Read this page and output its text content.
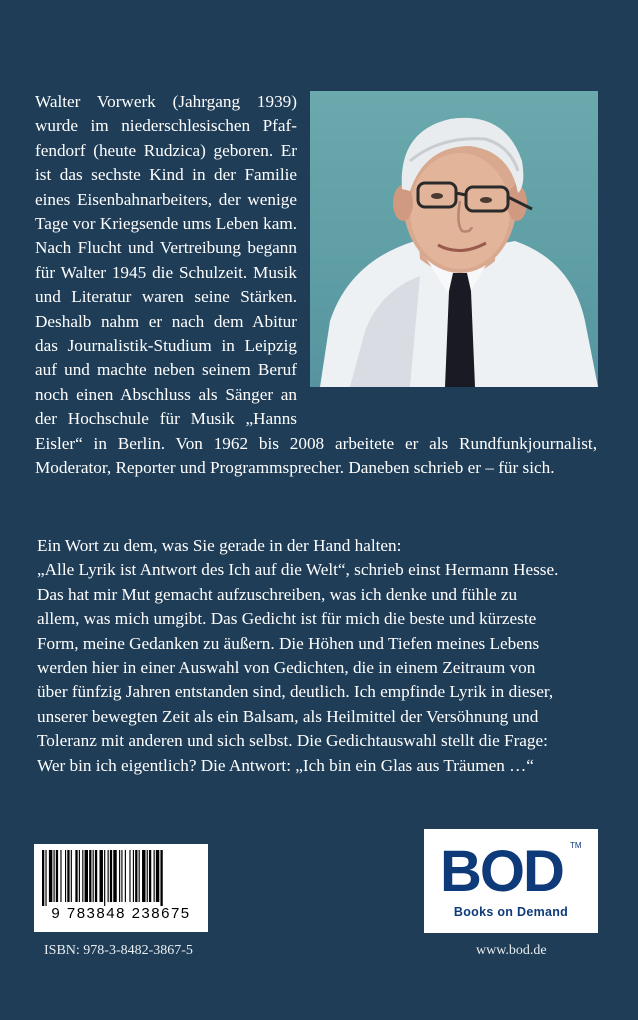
Walter Vorwerk (Jahrgang 1939) wurde im niederschlesischen Pfaffendorf (heute Rudzica) geboren. Er ist das sechste Kind in der Familie eines Eisenbahnarbeiters, der wenige Tage vor Kriegsende ums Leben kam. Nach Flucht und Vertreibung begann für Walter 1945 die Schulzeit. Musik und Literatur waren seine Stärken. Deshalb nahm er nach dem Abitur das Journalistik-Studium in Leipzig auf und machte neben seinem Beruf noch einen Abschluss als Sänger an der Hochschule für Musik „Hanns Eisler“ in Berlin. Von 1962 bis 2008 arbeitete er als Rundfunkjournalist, Moderator, Reporter und Programmsprecher. Daneben schrieb er – für sich.

Ein Wort zu dem, was Sie gerade in der Hand halten:

„Alle Lyrik ist Antwort des Ich auf die Welt“, schrieb einst Hermann Hesse.

Das hat mir Mut gemacht aufzuschreiben, was ich denke und fühle zu

allem, was mich umgibt. Das Gedicht ist für mich die beste und kürzeste

Form, meine Gedanken zu äußern. Die Höhen und Tiefen meines Lebens

werden hier in einer Auswahl von Gedichten, die in einem Zeitraum von

über fünfzig Jahren entstanden sind, deutlich. Ich empfinde Lyrik in dieser,

unserer bewegten Zeit als ein Balsam, als Heilmittel der Versöhnung und

Toleranz mit anderen und sich selbst. Die Gedichtauswahl stellt die Frage:

Wer bin ich eigentlich? Die Antwort: „Ich bin ein Glas aus Träumen …“

9 783848 238675
ISBN: 978-3-8482-3867-5
BOD TM
Books on Demand
www.bod.de
